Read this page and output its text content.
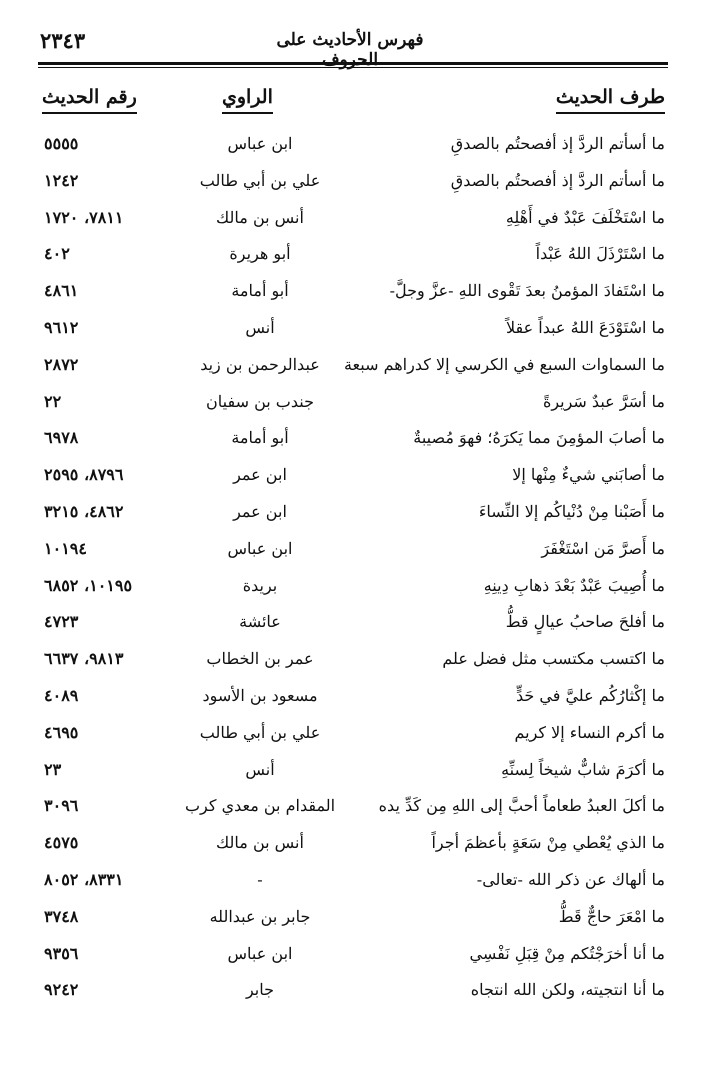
٢٣٤٣	فهرس الأحاديث على الحروف
طرف الحديث
الراوي
رقم الحديث
ما أسأتم الردَّ إذ أفصحتُم بالصدقِ
ابن عباس
٥٥٥٥
ما أسأتم الردَّ إذ أفصحتُم بالصدقِ
علي بن أبي طالب
١٢٤٢
ما اسْتَخْلَفَ عَبْدٌ في أَهْلِهِ
أنس بن مالك
٧٨١١، ١٧٢٠
ما اسْتَرْذَلَ اللهُ عَبْداً
أبو هريرة
٤٠٢
ما اسْتَفادَ المؤمنُ بعدَ تَقْوى اللهِ -عزَّ وجلَّ-
أبو أمامة
٤٨٦١
ما اسْتَوْدَعَ اللهُ عبداً عقلاً
أنس
٩٦١٢
ما السماوات السبع في الكرسي إلا كدراهم سبعة
عبدالرحمن بن زيد
٢٨٧٢
ما أسَرَّ عبدٌ سَريرةً
جندب بن سفيان
٢٢
ما أصابَ المؤمِنَ مما يَكرَهُ؛ فهوَ مُصيبةٌ
أبو أمامة
٦٩٧٨
ما أصابَني شيءٌ مِنْها إلا
ابن عمر
٨٧٩٦، ٢٥٩٥
ما أَصَبْنا مِنْ دُنْياكُم إلا النِّساءَ
ابن عمر
٤٨٦٢، ٣٢١٥
ما أَصرَّ مَن اسْتَغْفَرَ
ابن عباس
١٠١٩٤
ما أُصِيبَ عَبْدٌ بَعْدَ ذهابِ دِينِهِ
بريدة
١٠١٩٥، ٦٨٥٢
ما أفلحَ صاحبُ عيالٍ قطُّ
عائشة
٤٧٢٣
ما اكتسب مكتسب مثل فضل علم
عمر بن الخطاب
٩٨١٣، ٦٦٣٧
ما إكْثارُكُم عليَّ في حَدٍّ
مسعود بن الأسود
٤٠٨٩
ما أكرم النساء إلا كريم
علي بن أبي طالب
٤٦٩٥
ما أكرَمَ شابٌّ شيخاً لِسنِّهِ
أنس
٢٣
ما أكلَ العبدُ طعاماً أحبَّ إلى اللهِ مِن كَدِّ يده
المقدام بن معدي كرب
٣٠٩٦
ما الذي يُعْطي مِنْ سَعَةٍ بأعظمَ أجراً
أنس بن مالك
٤٥٧٥
ما ألهاك عن ذكر الله -تعالى-
-
٨٣٣١، ٨٠٥٢
ما امْعَرَ حاجٌّ قَطُّ
جابر بن عبدالله
٣٧٤٨
ما أنا أخرَجْتُكم مِنْ قِبَلِ نَفْسِي
ابن عباس
٩٣٥٦
ما أنا انتجيته، ولكن الله انتجاه
جابر
٩٢٤٢
